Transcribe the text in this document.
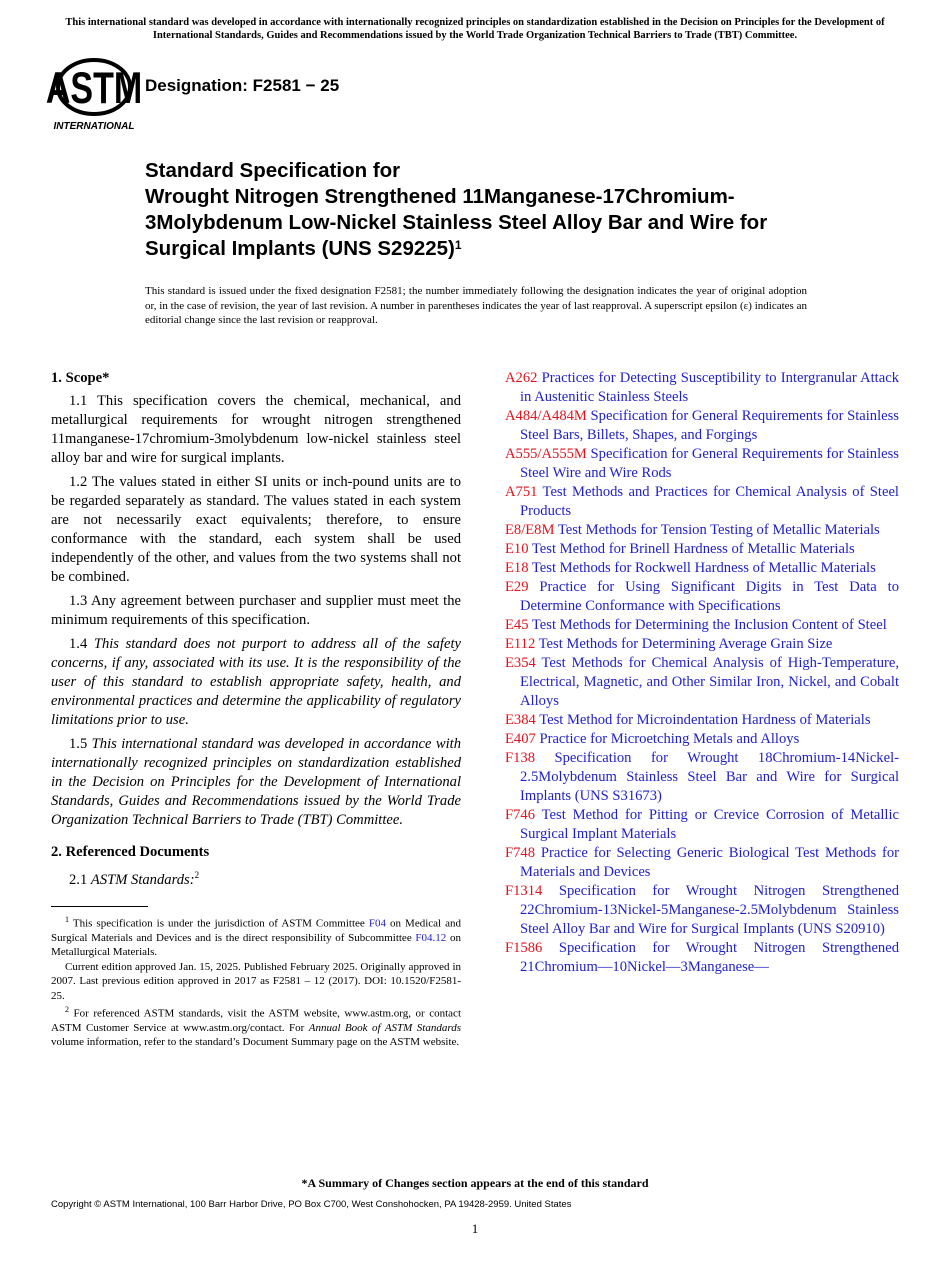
This international standard was developed in accordance with internationally recognized principles on standardization established in the Decision on Principles for the Development of International Standards, Guides and Recommendations issued by the World Trade Organization Technical Barriers to Trade (TBT) Committee.
ASTM
INTERNATIONAL
Designation: F2581 − 25
Standard Specification for
Wrought Nitrogen Strengthened 11Manganese-17Chromium-3Molybdenum Low-Nickel Stainless Steel Alloy Bar and Wire for Surgical Implants (UNS S29225)$^1$
This standard is issued under the fixed designation F2581; the number immediately following the designation indicates the year of original adoption or, in the case of revision, the year of last revision. A number in parentheses indicates the year of last reapproval. A superscript epsilon (ε) indicates an editorial change since the last revision or reapproval.
1. Scope*

1.1 This specification covers the chemical, mechanical, and metallurgical requirements for wrought nitrogen strengthened 11manganese-17chromium-3molybdenum low-nickel stainless steel alloy bar and wire for surgical implants.

1.2 The values stated in either SI units or inch-pound units are to be regarded separately as standard. The values stated in each system are not necessarily exact equivalents; therefore, to ensure conformance with the standard, each system shall be used independently of the other, and values from the two systems shall not be combined.

1.3 Any agreement between purchaser and supplier must meet the minimum requirements of this specification.

1.4 This standard does not purport to address all of the safety concerns, if any, associated with its use. It is the responsibility of the user of this standard to establish appropriate safety, health, and environmental practices and determine the applicability of regulatory limitations prior to use.

1.5 This international standard was developed in accordance with internationally recognized principles on standardization established in the Decision on Principles for the Development of International Standards, Guides and Recommendations issued by the World Trade Organization Technical Barriers to Trade (TBT) Committee.

2. Referenced Documents

2.1 ASTM Standards:$^2$

$^1$ This specification is under the jurisdiction of ASTM Committee F04 on Medical and Surgical Materials and Devices and is the direct responsibility of Subcommittee F04.12 on Metallurgical Materials.

Current edition approved Jan. 15, 2025. Published February 2025. Originally approved in 2007. Last previous edition approved in 2017 as F2581 – 12 (2017). DOI: 10.1520/F2581-25.

$^2$ For referenced ASTM standards, visit the ASTM website, www.astm.org, or contact ASTM Customer Service at www.astm.org/contact. For Annual Book of ASTM Standards volume information, refer to the standard’s Document Summary page on the ASTM website.

A262 Practices for Detecting Susceptibility to Intergranular Attack in Austenitic Stainless Steels

A484/A484M Specification for General Requirements for Stainless Steel Bars, Billets, Shapes, and Forgings

A555/A555M Specification for General Requirements for Stainless Steel Wire and Wire Rods

A751 Test Methods and Practices for Chemical Analysis of Steel Products

E8/E8M Test Methods for Tension Testing of Metallic Materials

E10 Test Method for Brinell Hardness of Metallic Materials

E18 Test Methods for Rockwell Hardness of Metallic Materials

E29 Practice for Using Significant Digits in Test Data to Determine Conformance with Specifications

E45 Test Methods for Determining the Inclusion Content of Steel

E112 Test Methods for Determining Average Grain Size

E354 Test Methods for Chemical Analysis of High-Temperature, Electrical, Magnetic, and Other Similar Iron, Nickel, and Cobalt Alloys

E384 Test Method for Microindentation Hardness of Materials

E407 Practice for Microetching Metals and Alloys

F138 Specification for Wrought 18Chromium-14Nickel-2.5Molybdenum Stainless Steel Bar and Wire for Surgical Implants (UNS S31673)

F746 Test Method for Pitting or Crevice Corrosion of Metallic Surgical Implant Materials

F748 Practice for Selecting Generic Biological Test Methods for Materials and Devices

F1314 Specification for Wrought Nitrogen Strengthened 22Chromium-13Nickel-5Manganese-2.5Molybdenum Stainless Steel Alloy Bar and Wire for Surgical Implants (UNS S20910)

F1586 Specification for Wrought Nitrogen Strengthened 21Chromium—10Nickel—3Manganese—

*A Summary of Changes section appears at the end of this standard
Copyright © ASTM International, 100 Barr Harbor Drive, PO Box C700, West Conshohocken, PA 19428-2959. United States
1
